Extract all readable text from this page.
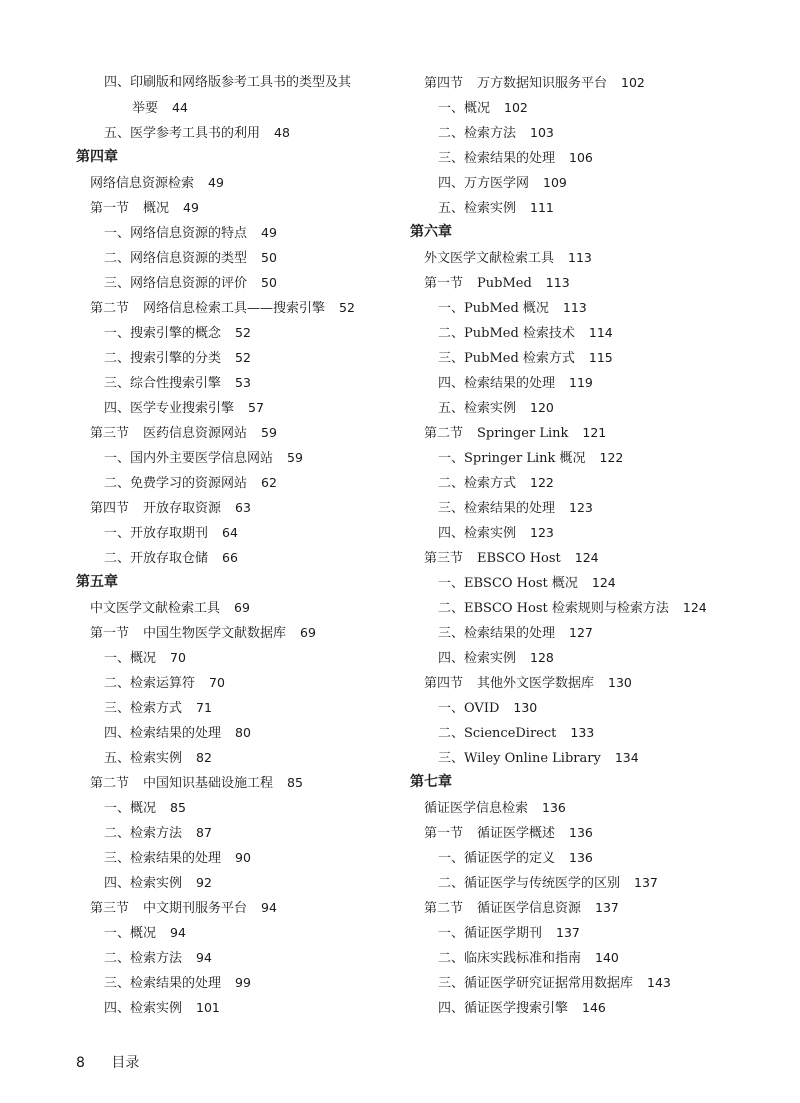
四、印刷版和网络版参考工具书的类型及其
举要 44
五、医学参考工具书的利用 48
第四章
网络信息资源检索 49
第一节 概况 49
一、网络信息资源的特点 49
二、网络信息资源的类型 50
三、网络信息资源的评价 50
第二节 网络信息检索工具——搜索引擎 52
一、搜索引擎的概念 52
二、搜索引擎的分类 52
三、综合性搜索引擎 53
四、医学专业搜索引擎 57
第三节 医药信息资源网站 59
一、国内外主要医学信息网站 59
二、免费学习的资源网站 62
第四节 开放存取资源 63
一、开放存取期刊 64
二、开放存取仓储 66
第五章
中文医学文献检索工具 69
第一节 中国生物医学文献数据库 69
一、概况 70
二、检索运算符 70
三、检索方式 71
四、检索结果的处理 80
五、检索实例 82
第二节 中国知识基础设施工程 85
一、概况 85
二、检索方法 87
三、检索结果的处理 90
四、检索实例 92
第三节 中文期刊服务平台 94
一、概况 94
二、检索方法 94
三、检索结果的处理 99
四、检索实例 101
第四节 万方数据知识服务平台 102
一、概况 102
二、检索方法 103
三、检索结果的处理 106
四、万方医学网 109
五、检索实例 111
第六章
外文医学文献检索工具 113
第一节 PubMed 113
一、PubMed 概况 113
二、PubMed 检索技术 114
三、PubMed 检索方式 115
四、检索结果的处理 119
五、检索实例 120
第二节 Springer Link 121
一、Springer Link 概况 122
二、检索方式 122
三、检索结果的处理 123
四、检索实例 123
第三节 EBSCO Host 124
一、EBSCO Host 概况 124
二、EBSCO Host 检索规则与检索方法 124
三、检索结果的处理 127
四、检索实例 128
第四节 其他外文医学数据库 130
一、OVID 130
二、ScienceDirect 133
三、Wiley Online Library 134
第七章
循证医学信息检索 136
第一节 循证医学概述 136
一、循证医学的定义 136
二、循证医学与传统医学的区别 137
第二节 循证医学信息资源 137
一、循证医学期刊 137
二、临床实践标准和指南 140
三、循证医学研究证据常用数据库 143
四、循证医学搜索引擎 146
8 目录
